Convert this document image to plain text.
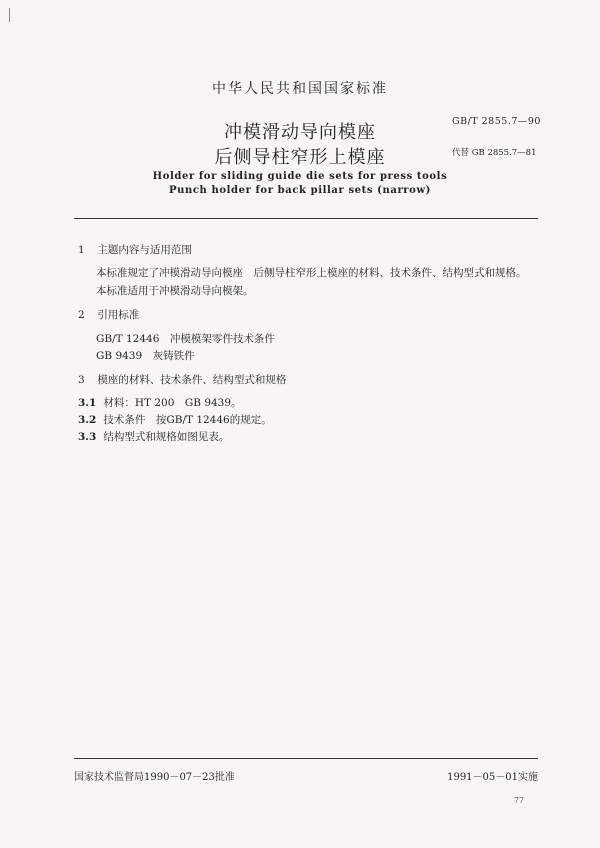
中华人民共和国国家标准
GB/T 2855.7—90
代替 GB 2855.7—81
冲模滑动导向模座
后侧导柱窄形上模座
Holder for sliding guide die sets for press tools
Punch holder for back pillar sets (narrow)
1 主题内容与适用范围
本标准规定了冲模滑动导向模座　后侧导柱窄形上模座的材料、技术条件、结构型式和规格。
本标准适用于冲模滑动导向模架。
2 引用标准
GB/T 12446　冲模模架零件技术条件
GB 9439　灰铸铁件
3 模座的材料、技术条件、结构型式和规格
3.1 材料：HT 200　GB 9439。
3.2 技术条件　按GB/T 12446的规定。
3.3 结构型式和规格如图见表。
国家技术监督局1990－07－23批准	1991－05－01实施
77
